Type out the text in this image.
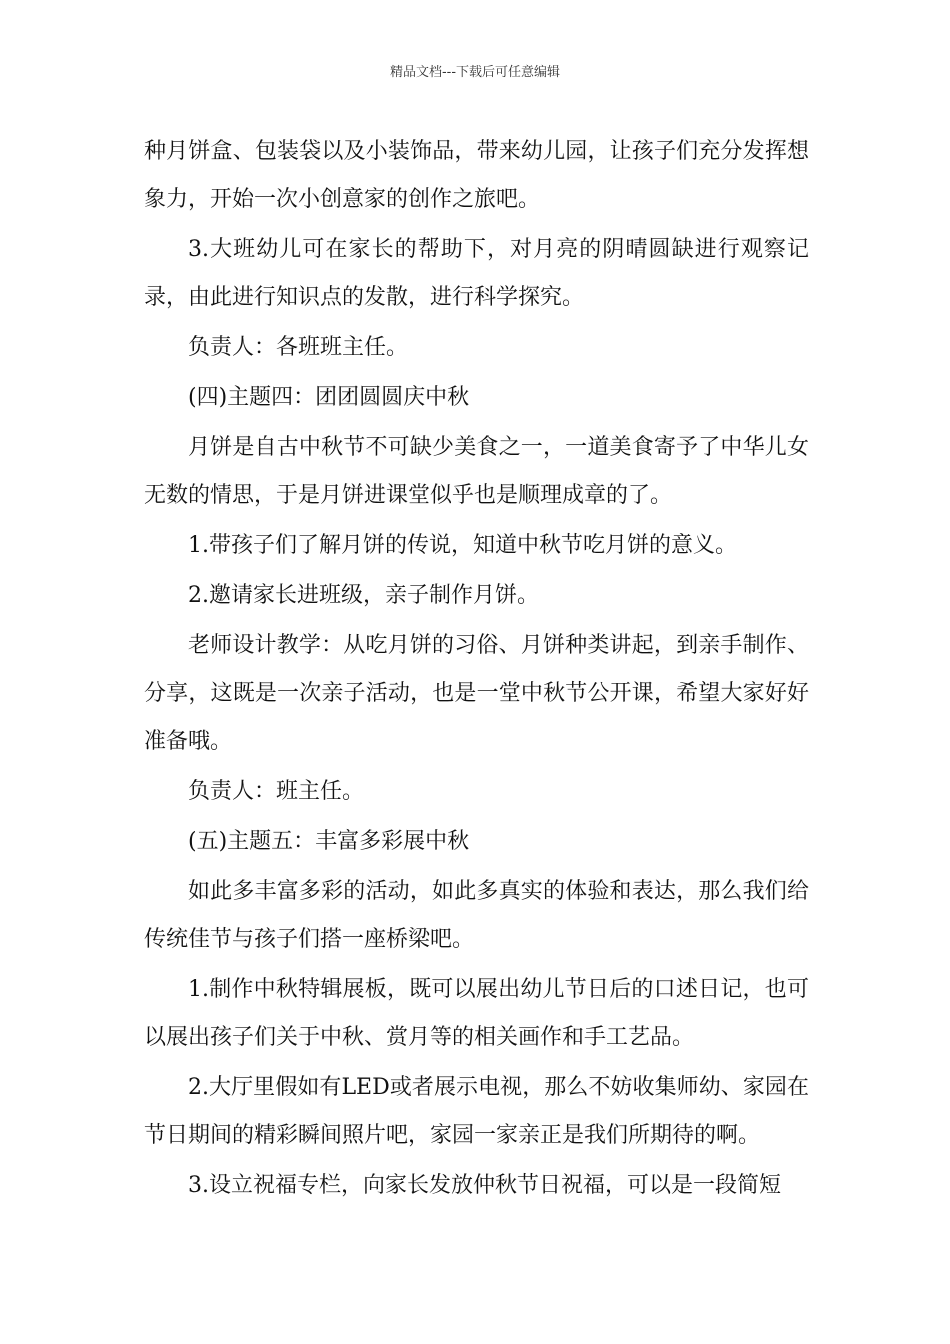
精品文档---下载后可任意编辑

种月饼盒、包装袋以及小装饰品，带来幼儿园，让孩子们充分发挥想象力，开始一次小创意家的创作之旅吧。

3.大班幼儿可在家长的帮助下，对月亮的阴晴圆缺进行观察记录，由此进行知识点的发散，进行科学探究。

负责人：各班班主任。

(四)主题四：团团圆圆庆中秋

月饼是自古中秋节不可缺少美食之一，一道美食寄予了中华儿女无数的情思，于是月饼进课堂似乎也是顺理成章的了。

1.带孩子们了解月饼的传说，知道中秋节吃月饼的意义。

2.邀请家长进班级，亲子制作月饼。

老师设计教学：从吃月饼的习俗、月饼种类讲起，到亲手制作、分享，这既是一次亲子活动，也是一堂中秋节公开课，希望大家好好准备哦。

负责人：班主任。

(五)主题五：丰富多彩展中秋

如此多丰富多彩的活动，如此多真实的体验和表达，那么我们给传统佳节与孩子们搭一座桥梁吧。

1.制作中秋特辑展板，既可以展出幼儿节日后的口述日记，也可以展出孩子们关于中秋、赏月等的相关画作和手工艺品。

2.大厅里假如有LED或者展示电视，那么不妨收集师幼、家园在节日期间的精彩瞬间照片吧，家园一家亲正是我们所期待的啊。

3.设立祝福专栏，向家长发放仲秋节日祝福，可以是一段简短
